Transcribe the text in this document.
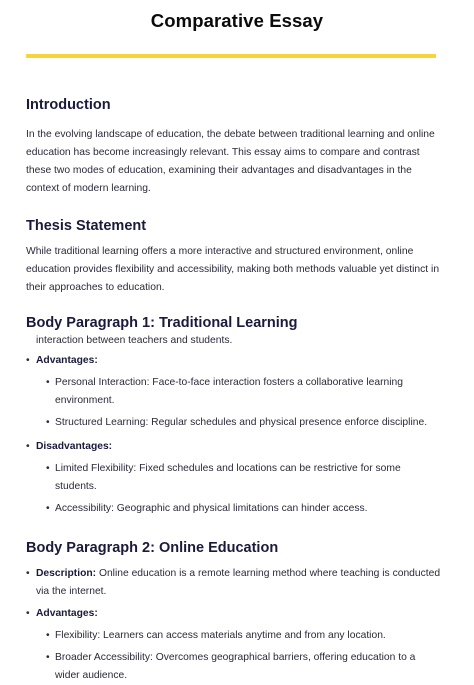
Comparative Essay
Introduction

In the evolving landscape of education, the debate between traditional learning and online education has become increasingly relevant. This essay aims to compare and contrast these two modes of education, examining their advantages and disadvantages in the context of modern learning.

Thesis Statement

While traditional learning offers a more interactive and structured environment, online education provides flexibility and accessibility, making both methods valuable yet distinct in their approaches to education.

Body Paragraph 1: Traditional Learning

interaction between teachers and students.

• Advantages:
• Personal Interaction: Face-to-face interaction fosters a collaborative learning environment.
• Structured Learning: Regular schedules and physical presence enforce discipline.
• Disadvantages:
• Limited Flexibility: Fixed schedules and locations can be restrictive for some students.
• Accessibility: Geographic and physical limitations can hinder access.
Body Paragraph 2: Online Education
• Description: Online education is a remote learning method where teaching is conducted via the internet.
• Advantages:
• Flexibility: Learners can access materials anytime and from any location.
• Broader Accessibility: Overcomes geographical barriers, offering education to a wider audience.
